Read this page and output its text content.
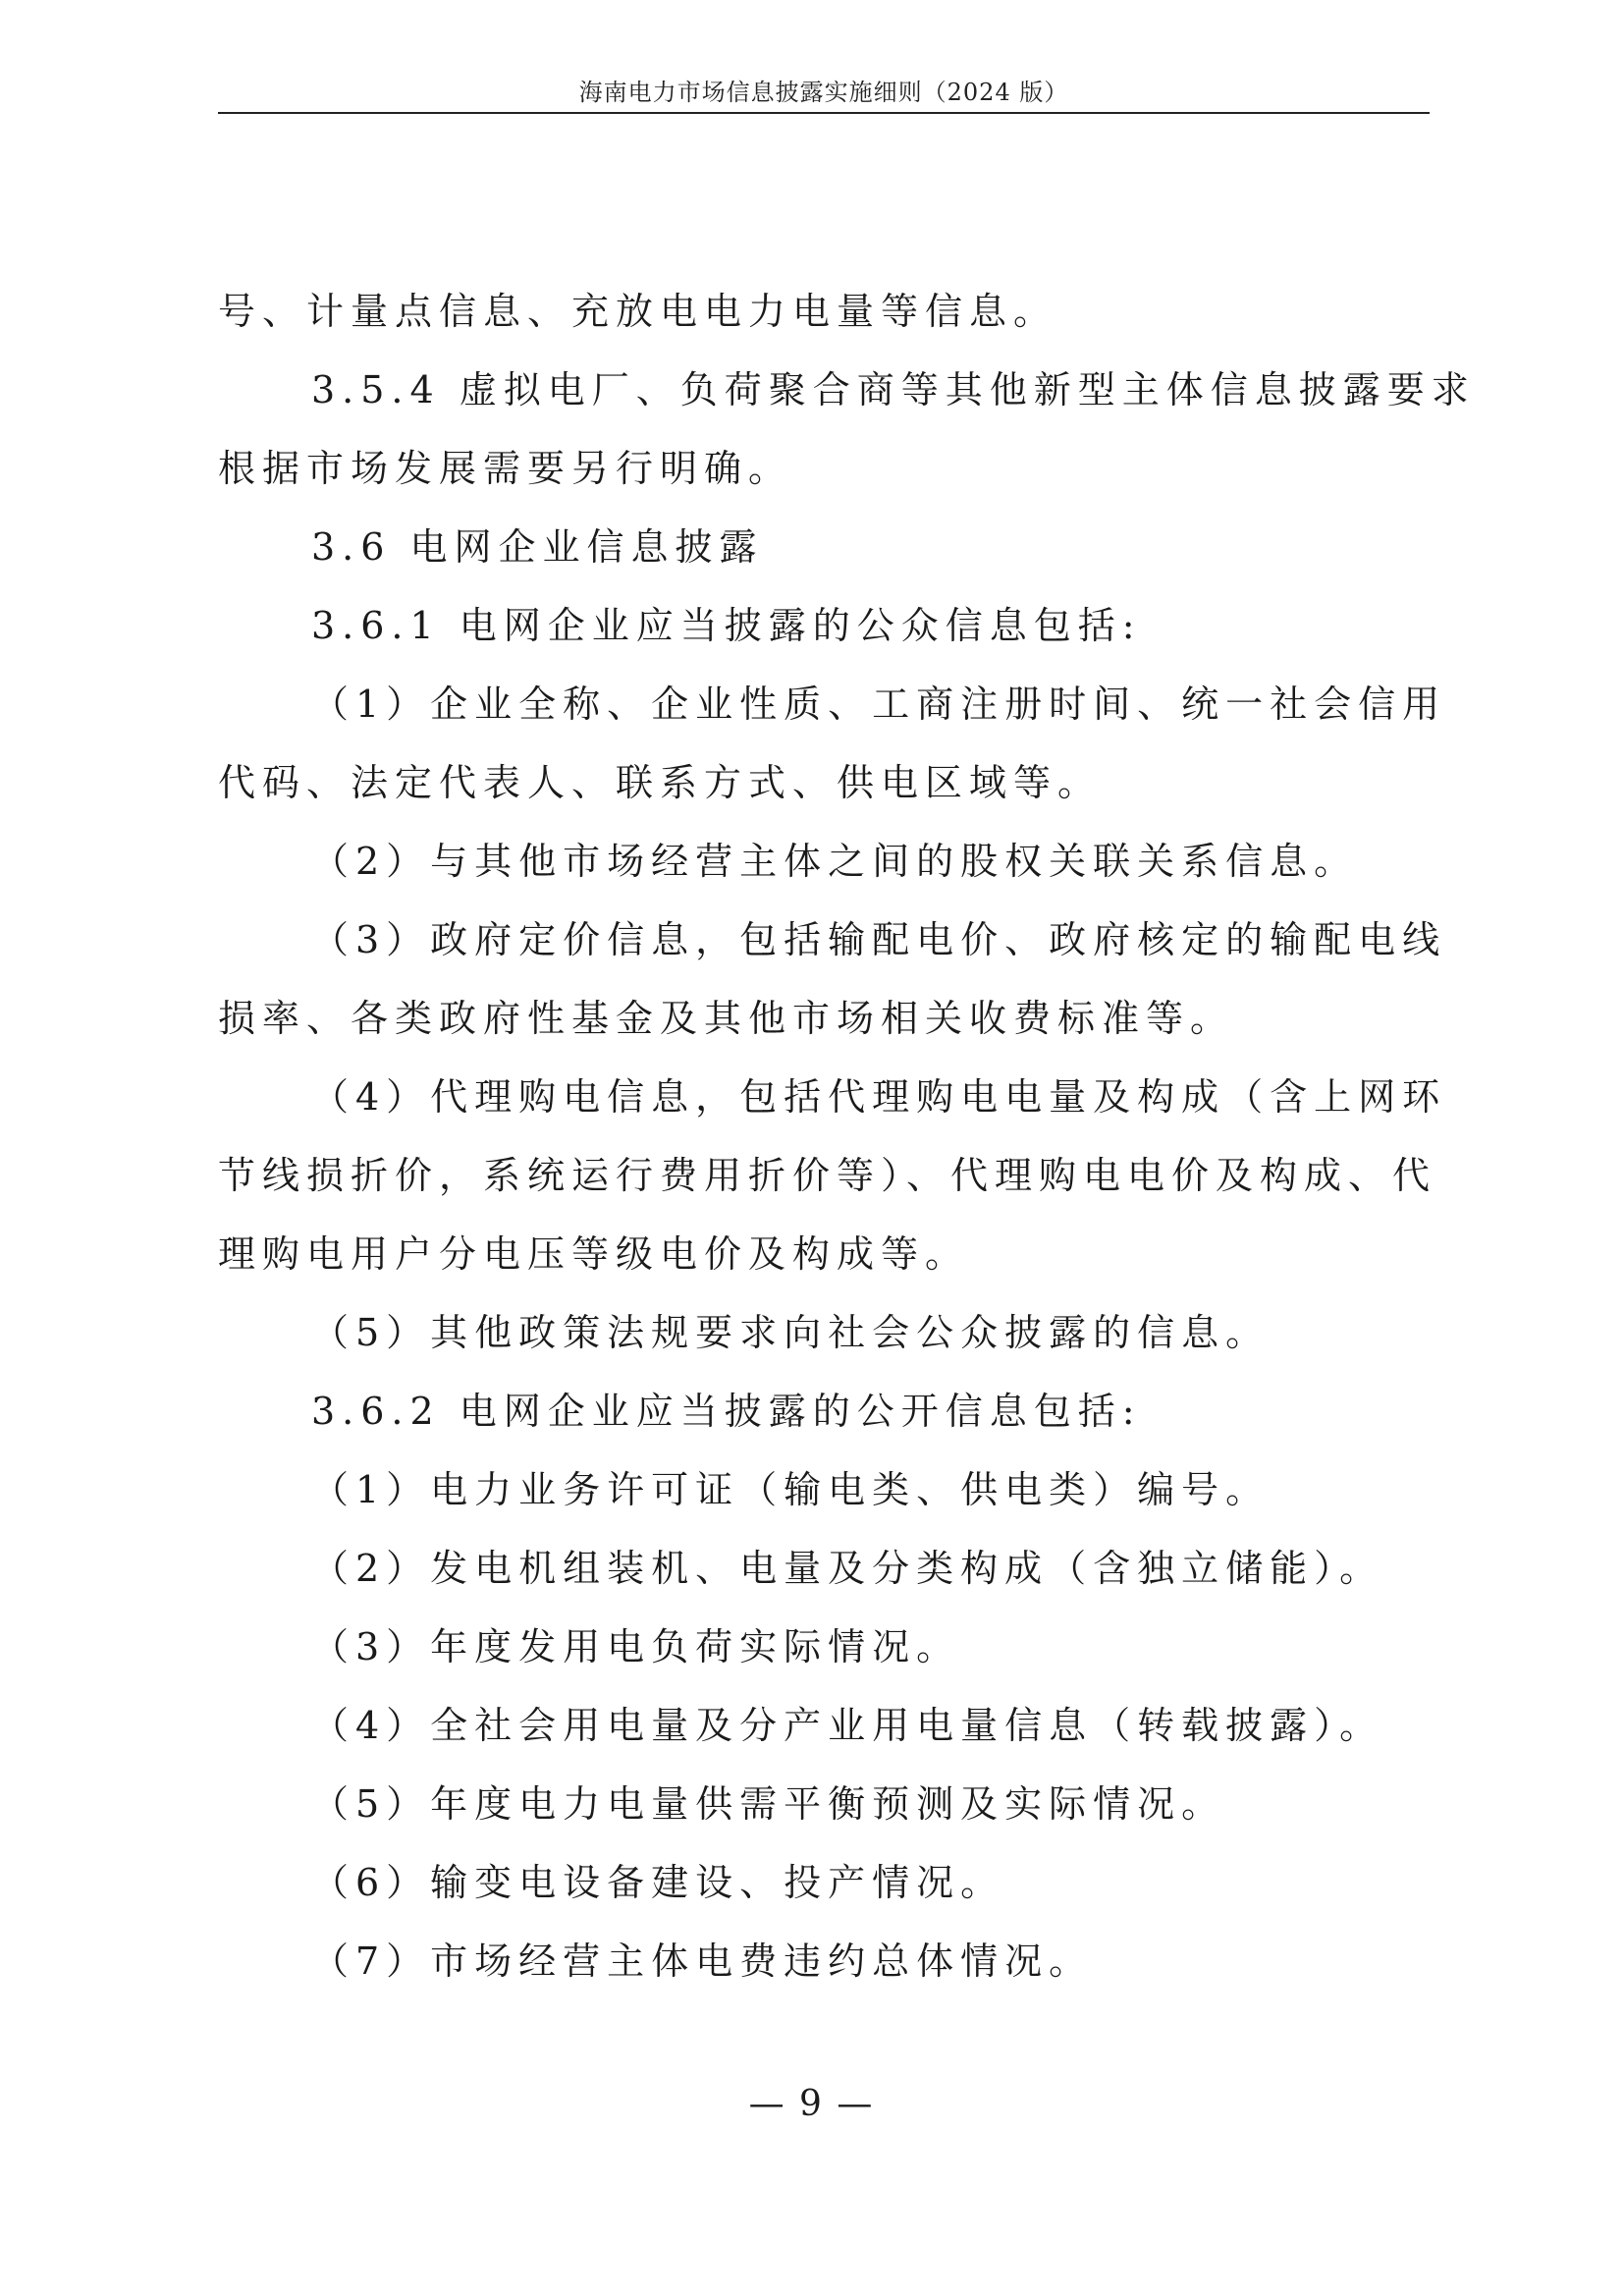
海南电力市场信息披露实施细则（2024 版）
号、计量点信息、充放电电力电量等信息。
3.5.4 虚拟电厂、负荷聚合商等其他新型主体信息披露要求
根据市场发展需要另行明确。
3.6 电网企业信息披露
3.6.1 电网企业应当披露的公众信息包括:
（1）企业全称、企业性质、工商注册时间、统一社会信用
代码、法定代表人、联系方式、供电区域等。
（2）与其他市场经营主体之间的股权关联关系信息。
（3）政府定价信息，包括输配电价、政府核定的输配电线
损率、各类政府性基金及其他市场相关收费标准等。
（4）代理购电信息，包括代理购电电量及构成（含上网环
节线损折价，系统运行费用折价等）、代理购电电价及构成、代
理购电用户分电压等级电价及构成等。
（5）其他政策法规要求向社会公众披露的信息。
3.6.2 电网企业应当披露的公开信息包括:
（1）电力业务许可证（输电类、供电类）编号。
（2）发电机组装机、电量及分类构成（含独立储能）。
（3）年度发用电负荷实际情况。
（4）全社会用电量及分产业用电量信息（转载披露）。
（5）年度电力电量供需平衡预测及实际情况。
（6）输变电设备建设、投产情况。
（7）市场经营主体电费违约总体情况。
— 9 —
